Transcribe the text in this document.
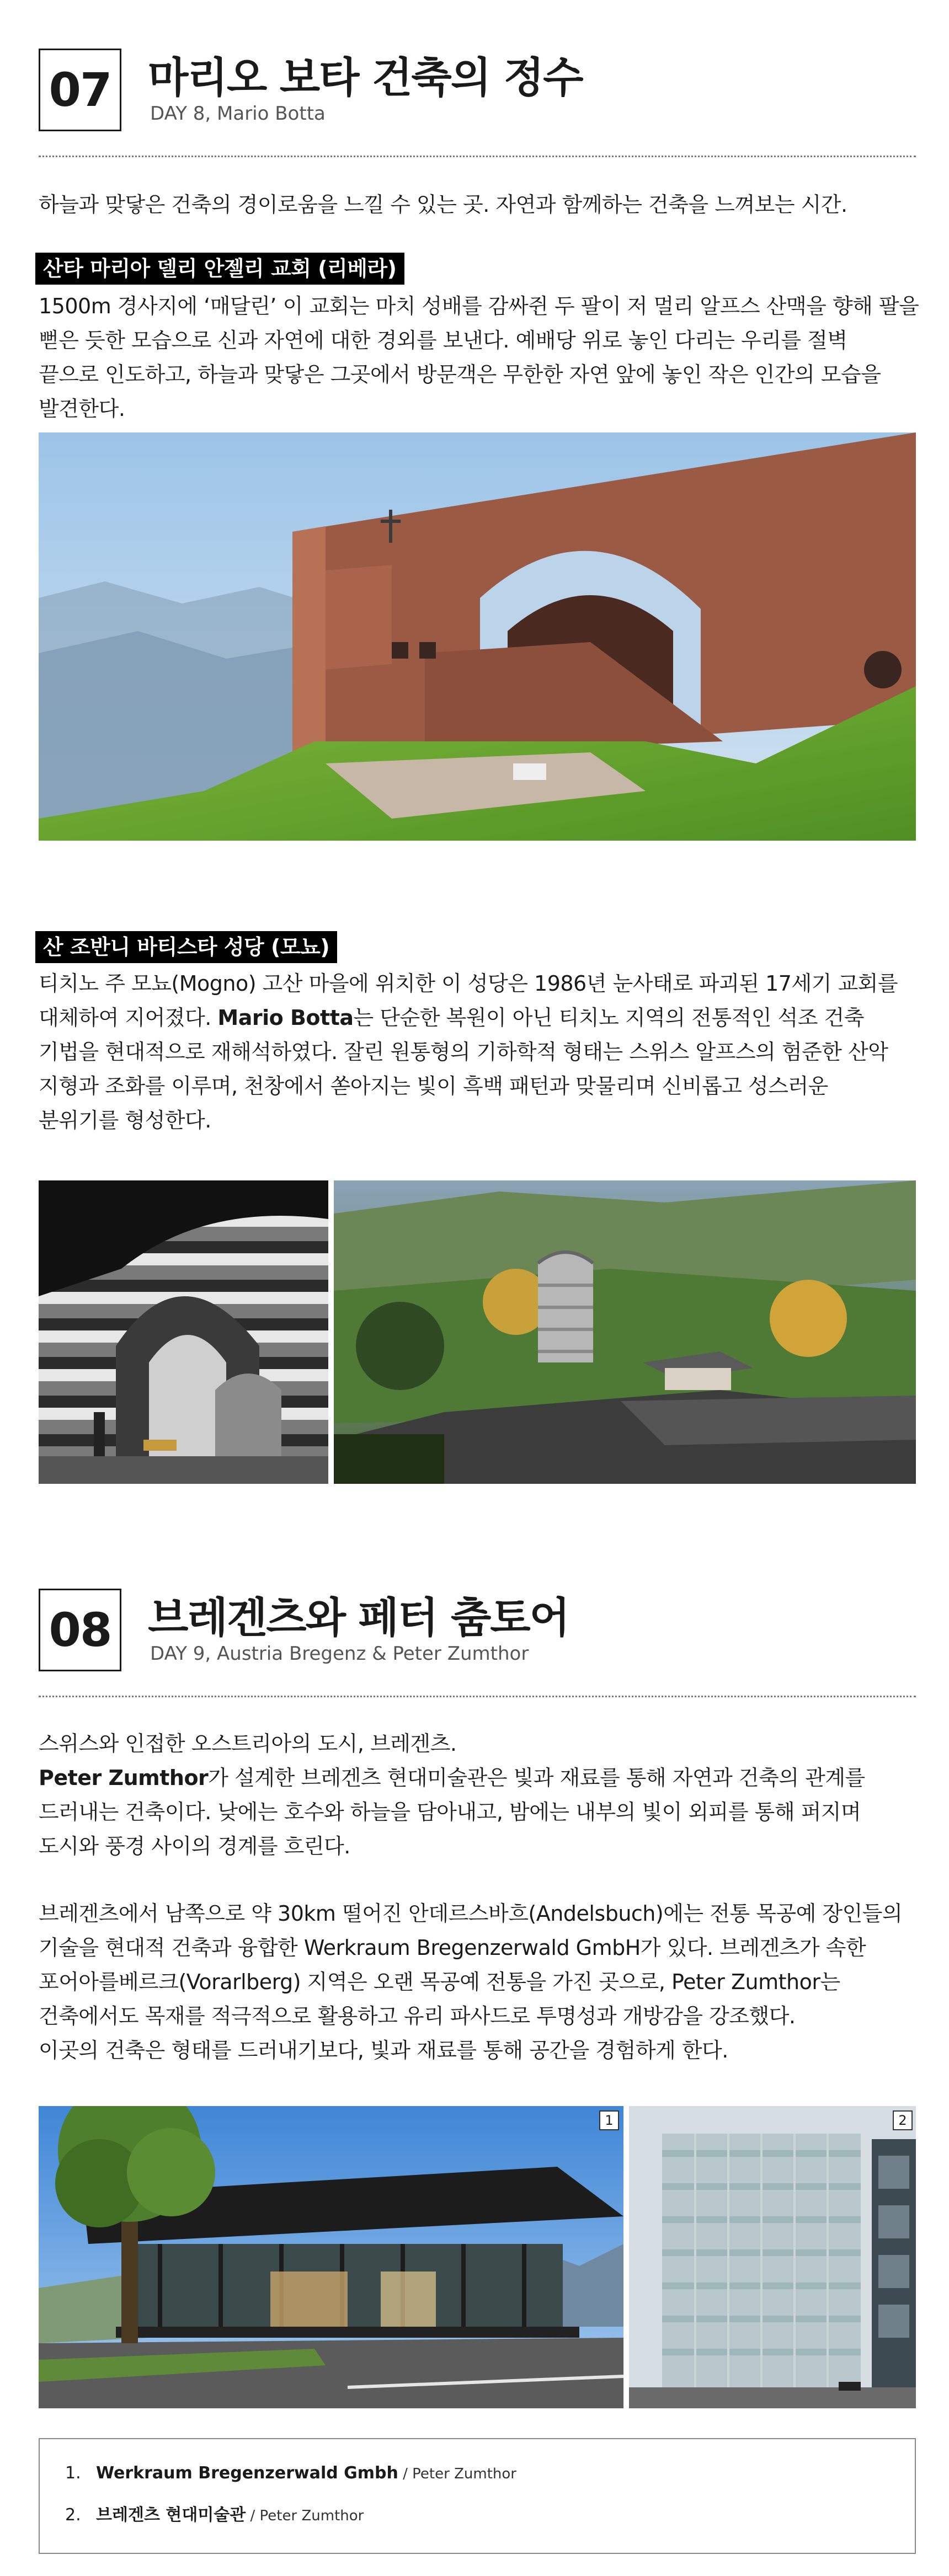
07 마리오 보타 건축의 정수
DAY 8, Mario Botta
하늘과 맞닿은 건축의 경이로움을 느낄 수 있는 곳. 자연과 함께하는 건축을 느껴보는 시간.
산타 마리아 델리 안젤리 교회 (리베라)
1500m 경사지에 ‘매달린’ 이 교회는 마치 성배를 감싸쥔 두 팔이 저 멀리 알프스 산맥을 향해 팔을
뻗은 듯한 모습으로 신과 자연에 대한 경외를 보낸다. 예배당 위로 놓인 다리는 우리를 절벽
끝으로 인도하고, 하늘과 맞닿은 그곳에서 방문객은 무한한 자연 앞에 놓인 작은 인간의 모습을
발견한다.
산 조반니 바티스타 성당 (모뇨)
티치노 주 모뇨(Mogno) 고산 마을에 위치한 이 성당은 1986년 눈사태로 파괴된 17세기 교회를
대체하여 지어졌다. Mario Botta는 단순한 복원이 아닌 티치노 지역의 전통적인 석조 건축
기법을 현대적으로 재해석하였다. 잘린 원통형의 기하학적 형태는 스위스 알프스의 험준한 산악
지형과 조화를 이루며, 천창에서 쏟아지는 빛이 흑백 패턴과 맞물리며 신비롭고 성스러운
분위기를 형성한다.
08 브레겐츠와 페터 춤토어
DAY 9, Austria Bregenz & Peter Zumthor
스위스와 인접한 오스트리아의 도시, 브레겐츠.
Peter Zumthor가 설계한 브레겐츠 현대미술관은 빛과 재료를 통해 자연과 건축의 관계를
드러내는 건축이다. 낮에는 호수와 하늘을 담아내고, 밤에는 내부의 빛이 외피를 통해 퍼지며
도시와 풍경 사이의 경계를 흐린다.
브레겐츠에서 남쪽으로 약 30km 떨어진 안데르스바흐(Andelsbuch)에는 전통 목공예 장인들의
기술을 현대적 건축과 융합한 Werkraum Bregenzerwald GmbH가 있다. 브레겐츠가 속한
포어아를베르크(Vorarlberg) 지역은 오랜 목공예 전통을 가진 곳으로, Peter Zumthor는
건축에서도 목재를 적극적으로 활용하고 유리 파사드로 투명성과 개방감을 강조했다.
이곳의 건축은 형태를 드러내기보다, 빛과 재료를 통해 공간을 경험하게 한다.
1	2
1. Werkraum Bregenzerwald Gmbh / Peter Zumthor
2. 브레겐츠 현대미술관 / Peter Zumthor
